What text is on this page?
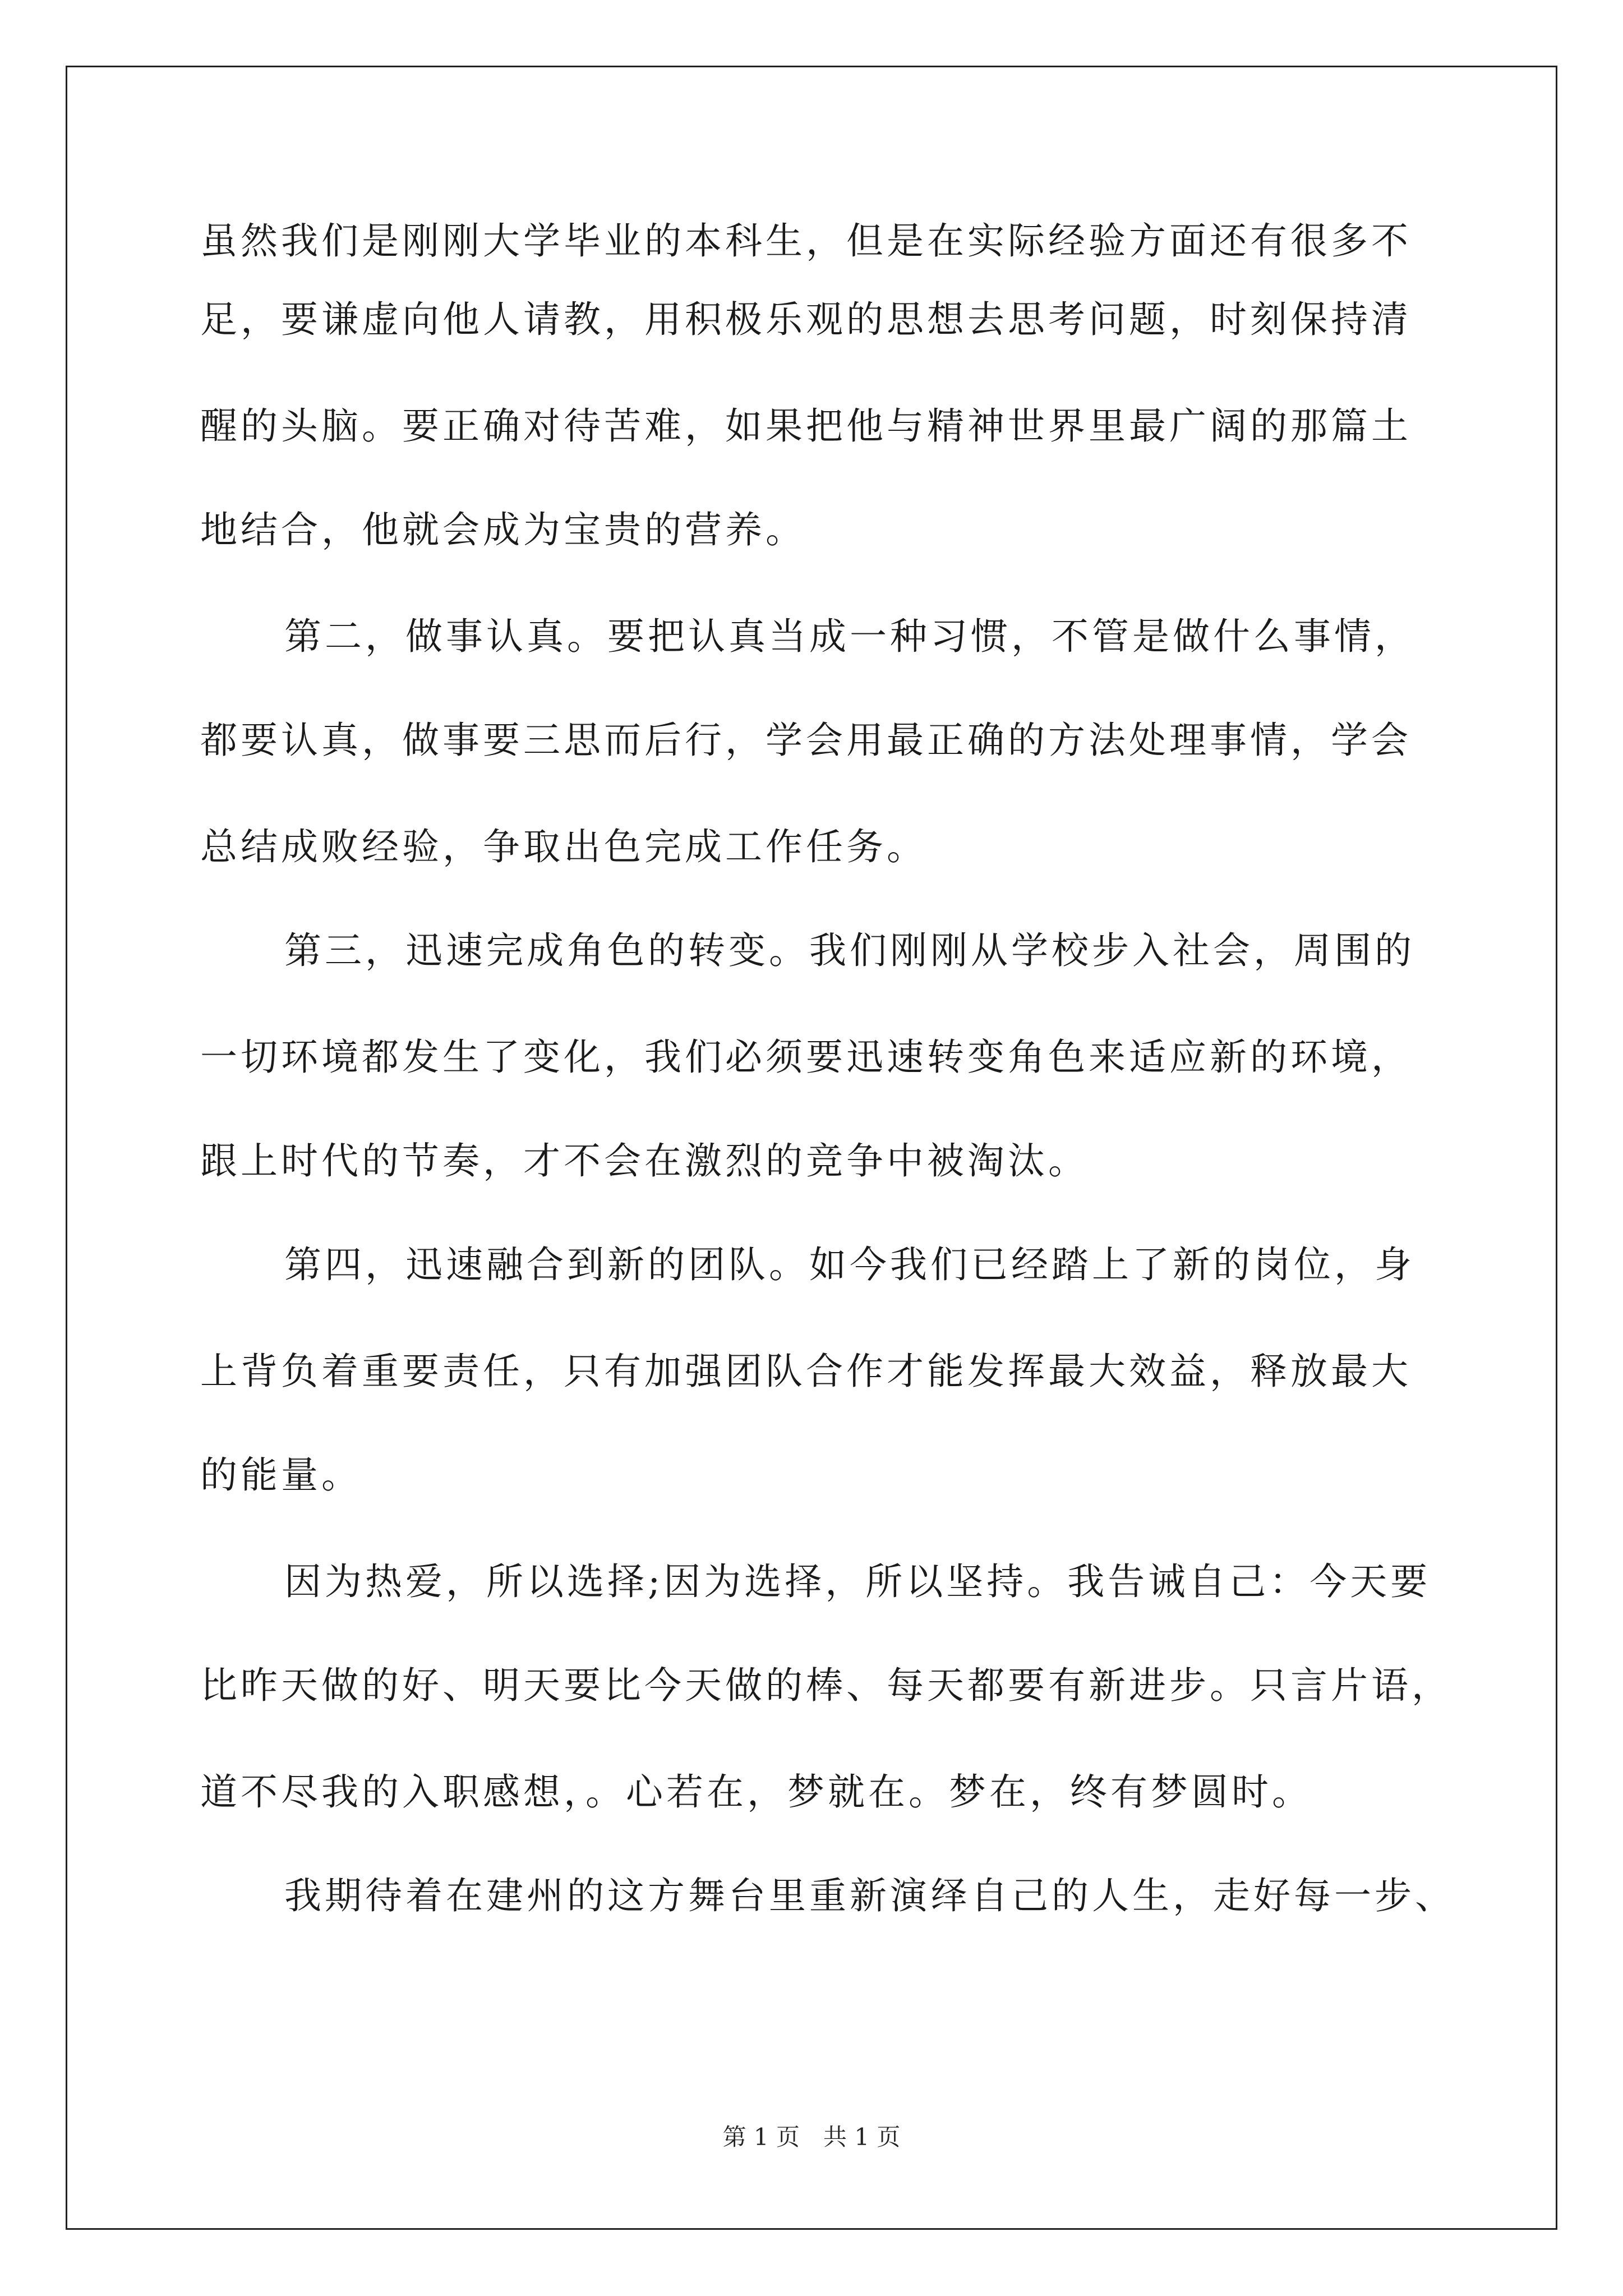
虽然我们是刚刚大学毕业的本科生，但是在实际经验方面还有很多不
足，要谦虚向他人请教，用积极乐观的思想去思考问题，时刻保持清
醒的头脑。要正确对待苦难，如果把他与精神世界里最广阔的那篇土
地结合，他就会成为宝贵的营养。
第二，做事认真。要把认真当成一种习惯，不管是做什么事情，
都要认真，做事要三思而后行，学会用最正确的方法处理事情，学会
总结成败经验，争取出色完成工作任务。
第三，迅速完成角色的转变。我们刚刚从学校步入社会，周围的
一切环境都发生了变化，我们必须要迅速转变角色来适应新的环境，
跟上时代的节奏，才不会在激烈的竞争中被淘汰。
第四，迅速融合到新的团队。如今我们已经踏上了新的岗位，身
上背负着重要责任，只有加强团队合作才能发挥最大效益，释放最大
的能量。
因为热爱，所以选择;因为选择，所以坚持。我告诫自己：今天要
比昨天做的好、明天要比今天做的棒、每天都要有新进步。只言片语，
道不尽我的入职感想，。心若在，梦就在。梦在，终有梦圆时。
我期待着在建州的这方舞台里重新演绎自己的人生，走好每一步、
第 1 页　共 1 页
